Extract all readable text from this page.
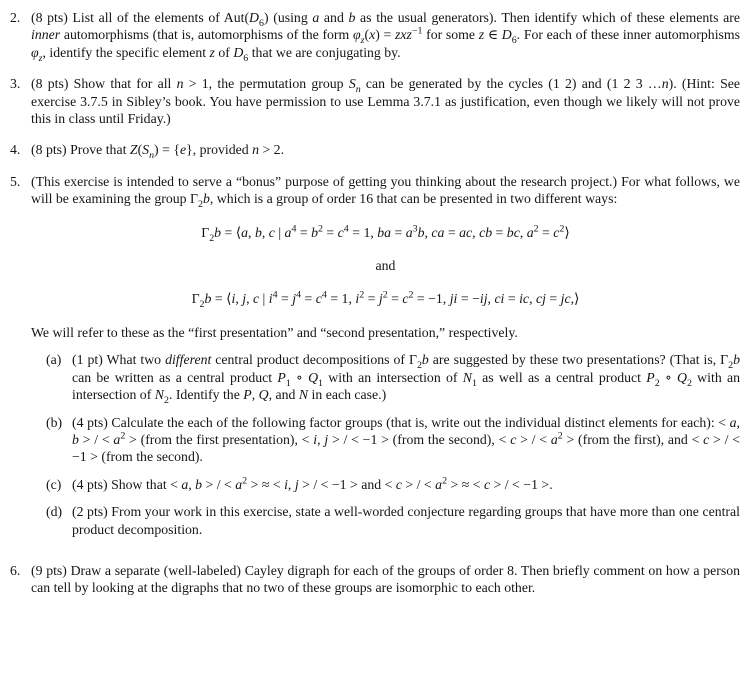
2. (8 pts) List all of the elements of $Aut(D_6)$ (using a and b as the usual generators). Then identify which of these elements are inner automorphisms (that is, automorphisms of the form $\varphi_z(x) = zxz^{-1}$ for some z ∈ $D_6$. For each of these inner automorphisms $\varphi_z$, identify the specific element z of $D_6$ that we are conjugating by.
3. (8 pts) Show that for all n > 1, the permutation group $S_n$ can be generated by the cycles (1 2) and (1 2 3 …n). (Hint: See exercise 3.7.5 in Sibley’s book. You have permission to use Lemma 3.7.1 as justification, even though we likely will not prove this in class until Friday.)
4. (8 pts) Prove that $Z(S_n) = \{e\}$, provided n > 2.
5. (This exercise is intended to serve a “bonus” purpose of getting you thinking about the research project.) For what follows, we will be examining the group $\Gamma_2b$, which is a group of order 16 that can be presented in two different ways:
$\Gamma_2b$ = ⟨a, b, c | $a^4 = b^2 = c^4 = 1$, ba = $a^3b$, ca = ac, cb = bc, $a^2$ = $c^2⟩$
and
$\Gamma_2b$ = ⟨i, j, c | $i^4 = j^4 = c^4 = 1$, $i^2 = j^2 = c^2 = -1$, ji = −ij, ci = ic, cj = jc,⟩
We will refer to these as the “first presentation” and “second presentation,” respectively.
(a) (1 pt) What two different central product decompositions of $\Gamma_2b$ are suggested by these two presentations? (That is, $\Gamma_2b$ can be written as a central product $P_1$ ∘ $Q_1$ with an intersection of $N_1$ as well as a central product $P_2$ ∘ $Q_2$ with an intersection of $N_2$. Identify the P, Q, and N in each case.)
(b) (4 pts) Calculate the each of the following factor groups (that is, write out the individual distinct elements for each): < a, b > / < $a^2$ > (from the first presentation), < i, j > / < −1 > (from the second), < c > / < $a^2$ > (from the first), and < c > / < −1 > (from the second).
(c) (4 pts) Show that < a, b > / < $a^2$ > ≈ < i, j > / < −1 > and < c > / < $a^2$ > ≈ < c > / < −1 >.
(d) (2 pts) From your work in this exercise, state a well-worded conjecture regarding groups that have more than one central product decomposition.
6. (9 pts) Draw a separate (well-labeled) Cayley digraph for each of the groups of order 8. Then briefly comment on how a person can tell by looking at the digraphs that no two of these groups are isomorphic to each other.
